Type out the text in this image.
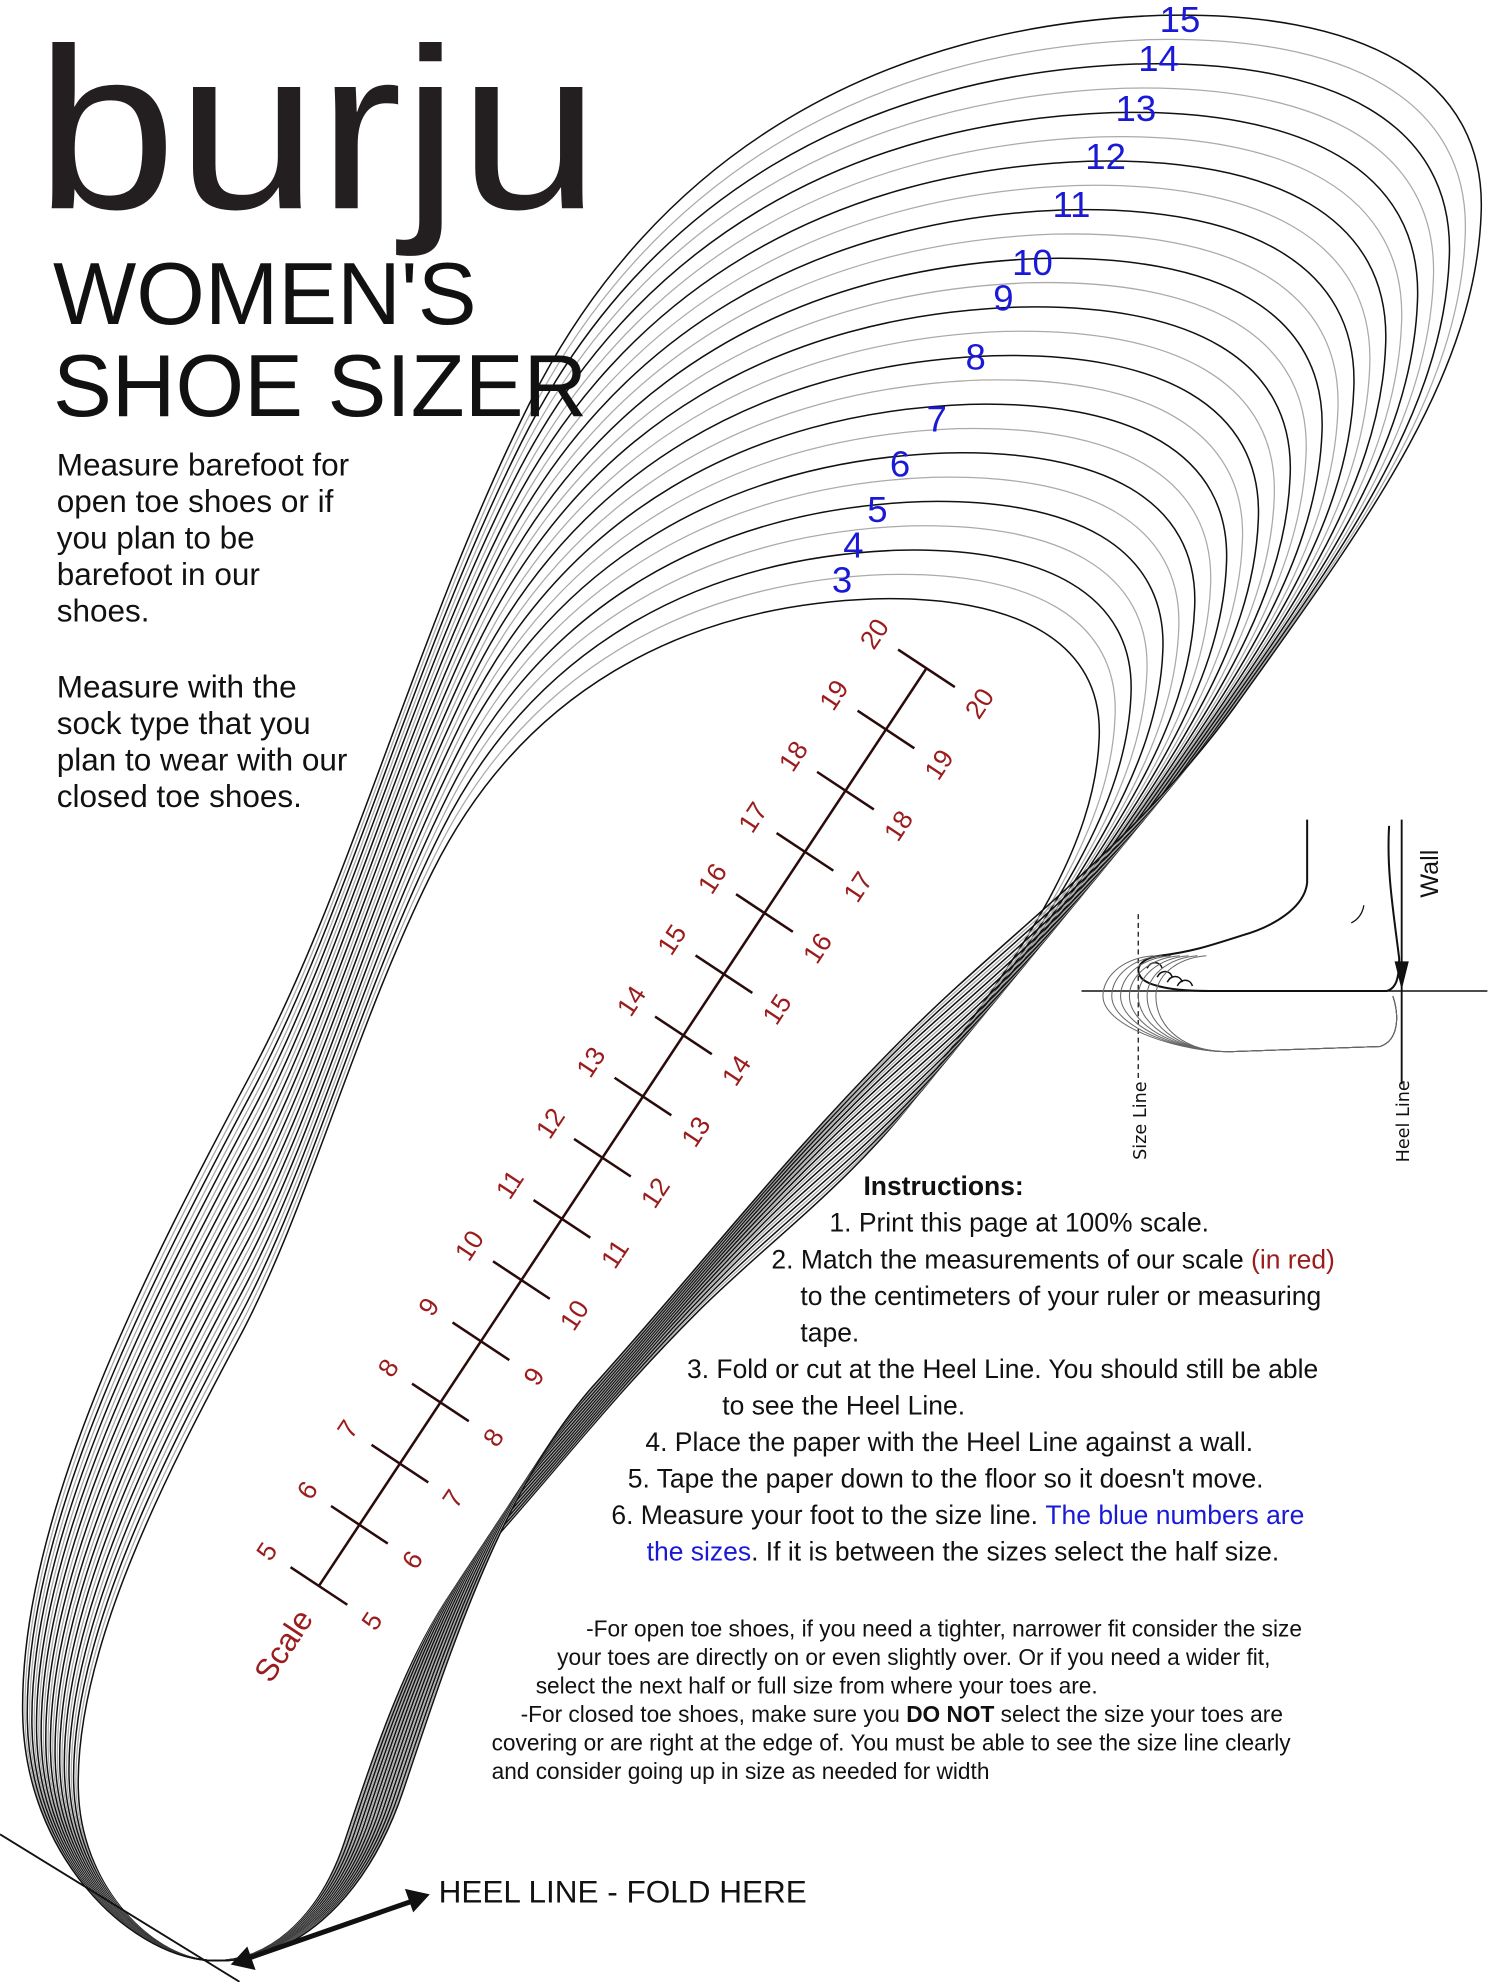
burju
WOMEN'S
SHOE SIZER
Measure barefoot for
open toe shoes or if
you plan to be
barefoot in our
shoes.
Measure with the
sock type that you
plan to wear with our
closed toe shoes.
5
5
6
6
7
7
8
8
9
9
10
10
11
11
12
12
13
13
14
14
15
15
16
16
17
17
18
18
19
19
20
20
Scale
3
4
5
6
7
8
9
10
11
12
13
14
15
Instructions:
1. Print this page at 100% scale.
2. Match the measurements of our scale (in red)
to the centimeters of your ruler or measuring
tape.
3. Fold or cut at the Heel Line. You should still be able
to see the Heel Line.
4. Place the paper with the Heel Line against a wall.
5. Tape the paper down to the floor so it doesn't move.
6. Measure your foot to the size line. The blue numbers are
the sizes. If it is between the sizes select the half size.
-For open toe shoes, if you need a tighter, narrower fit consider the size
your toes are directly on or even slightly over. Or if you need a wider fit,
select the next half or full size from where your toes are.
-For closed toe shoes, make sure you DO NOT select the size your toes are
covering or are right at the edge of. You must be able to see the size line clearly
and consider going up in size as needed for width
Wall
Size Line	Heel Line
HEEL LINE - FOLD HERE
